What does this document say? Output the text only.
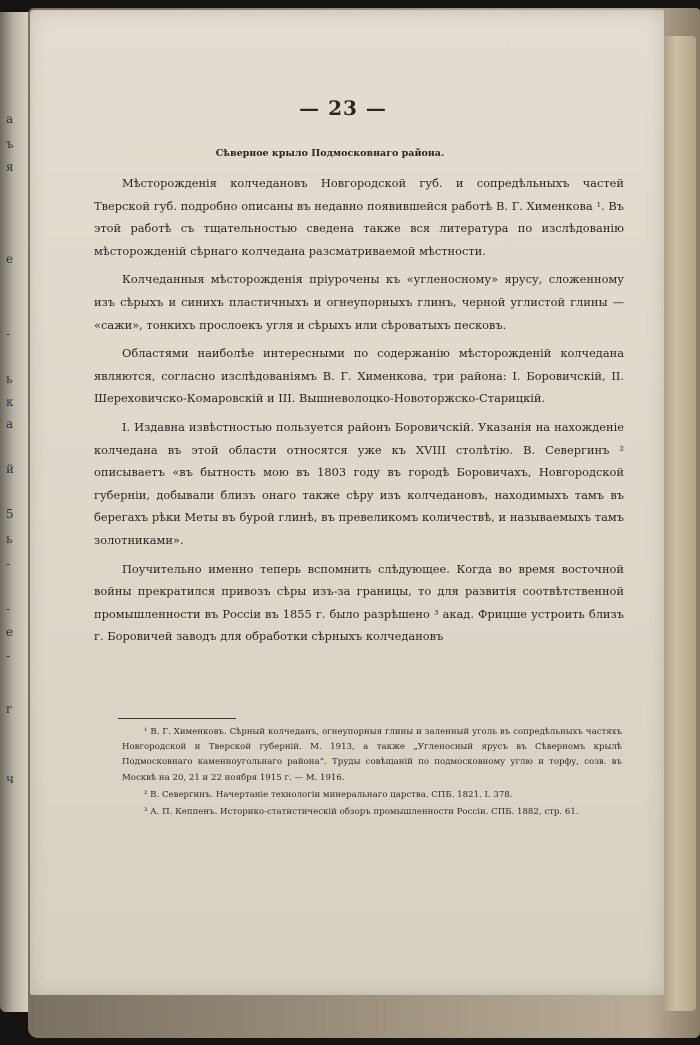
а
ъ
я
е
-
ь
к
а
й
5
ь
-
-
е
-
г
ч
— 23 —
Сѣверное крыло Подмосковнаго района.

Мѣсторожденія колчедановъ Новгородской губ. и сопредѣльныхъ частей Тверской губ. подробно описаны въ недавно появившейся работѣ В. Г. Хименкова ¹. Въ этой работѣ съ тщательностью сведена также вся литература по изслѣдованію мѣсторожденій сѣрнаго колчедана разсматриваемой мѣстности.

Колчеданныя мѣсторожденія пріурочены къ «угленосному» ярусу, сложенному изъ сѣрыхъ и синихъ пластичныхъ и огнеупорныхъ глинъ, черной углистой глины — «сажи», тонкихъ прослоекъ угля и сѣрыхъ или сѣроватыхъ песковъ.

Областями наиболѣе интересными по содержанію мѣсторожденій колчедана являются, согласно изслѣдованіямъ В. Г. Хименкова, три района: I. Боровичскій, II. Шереховичско-Комаровскій и III. Вышневолоцко-Новоторжско-Старицкій.

I. Издавна извѣстностью пользуется районъ Боровичскій. Указанія на нахожденіе колчедана въ этой области относятся уже къ XVIII столѣтію. В. Севергинъ ² описываетъ «въ бытность мою въ 1803 году въ городѣ Боровичахъ, Новгородской губерніи, добывали близъ онаго также сѣру изъ колчедановъ, находимыхъ тамъ въ берегахъ рѣки Меты въ бурой глинѣ, въ превеликомъ количествѣ, и называемыхъ тамъ золотниками».

Поучительно именно теперь вспомнить слѣдующее. Когда во время восточной войны прекратился привозъ сѣры изъ-за границы, то для развитія соотвѣтственной промышленности въ Россіи въ 1855 г. было разрѣшено ³ акад. Фрицше устроить близъ г. Боровичей заводъ для обработки сѣрныхъ колчедановъ

¹ В. Г. Хименковъ. Сѣрный колчеданъ, огнеупорныя глины и заленный уголь въ сопредѣльныхъ частяхъ Новгородской и Тверской губерній. М. 1913, а также „Угленосный ярусъ въ Сѣверномъ крылѣ Подмосковнаго каменноугольнаго района“. Труды совѣщаній по подмосковному углю и торфу, созв. въ Москвѣ на 20, 21 и 22 ноября 1915 г. — М. 1916.

² В. Севергинъ. Начертаніе технологіи минеральнаго царства. СПБ. 1821. I. 378.

³ А. П. Кеппенъ. Историко-статистическій обзоръ промышленности Россіи. СПБ. 1882, стр. 61.
